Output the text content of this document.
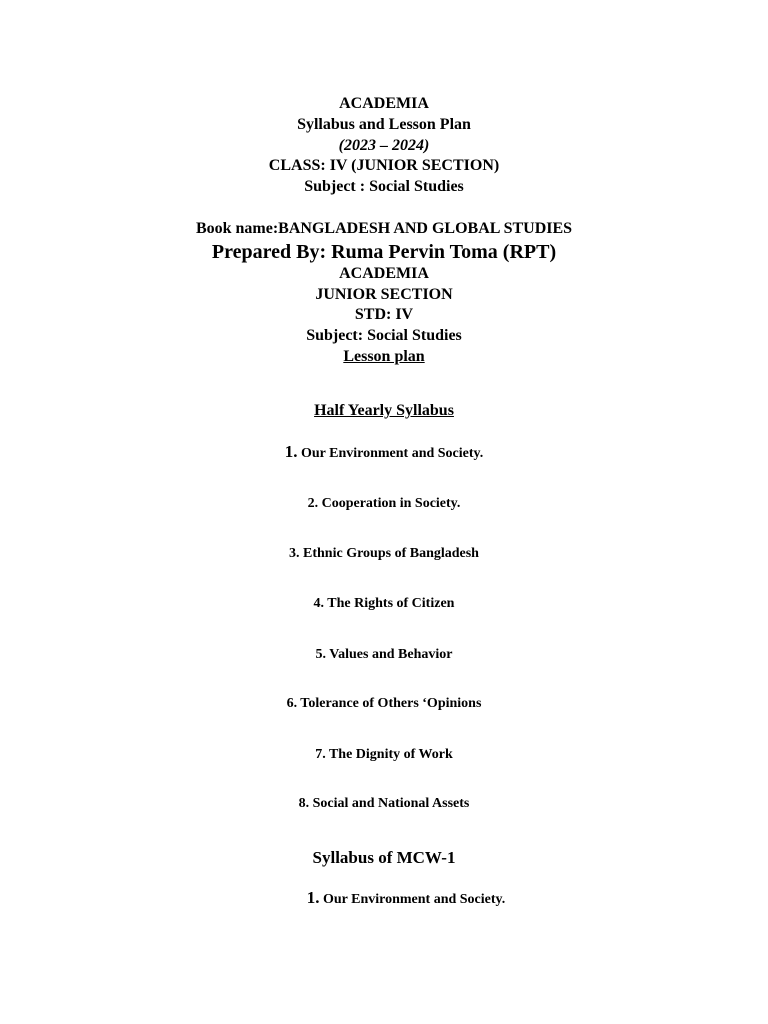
ACADEMIA
Syllabus and Lesson Plan
(2023 – 2024)
CLASS: IV (JUNIOR SECTION)
Subject : Social Studies
Book name:BANGLADESH AND GLOBAL STUDIES
Prepared By: Ruma Pervin Toma (RPT)
ACADEMIA
JUNIOR SECTION
STD: IV
Subject: Social Studies
Lesson plan
Half Yearly Syllabus
1. Our Environment and Society.
2. Cooperation in Society.
3. Ethnic Groups of Bangladesh
4. The Rights of Citizen
5. Values and Behavior
6. Tolerance of Others ‘Opinions
7. The Dignity of Work
8. Social and National Assets
Syllabus of MCW-1
1. Our Environment and Society.
